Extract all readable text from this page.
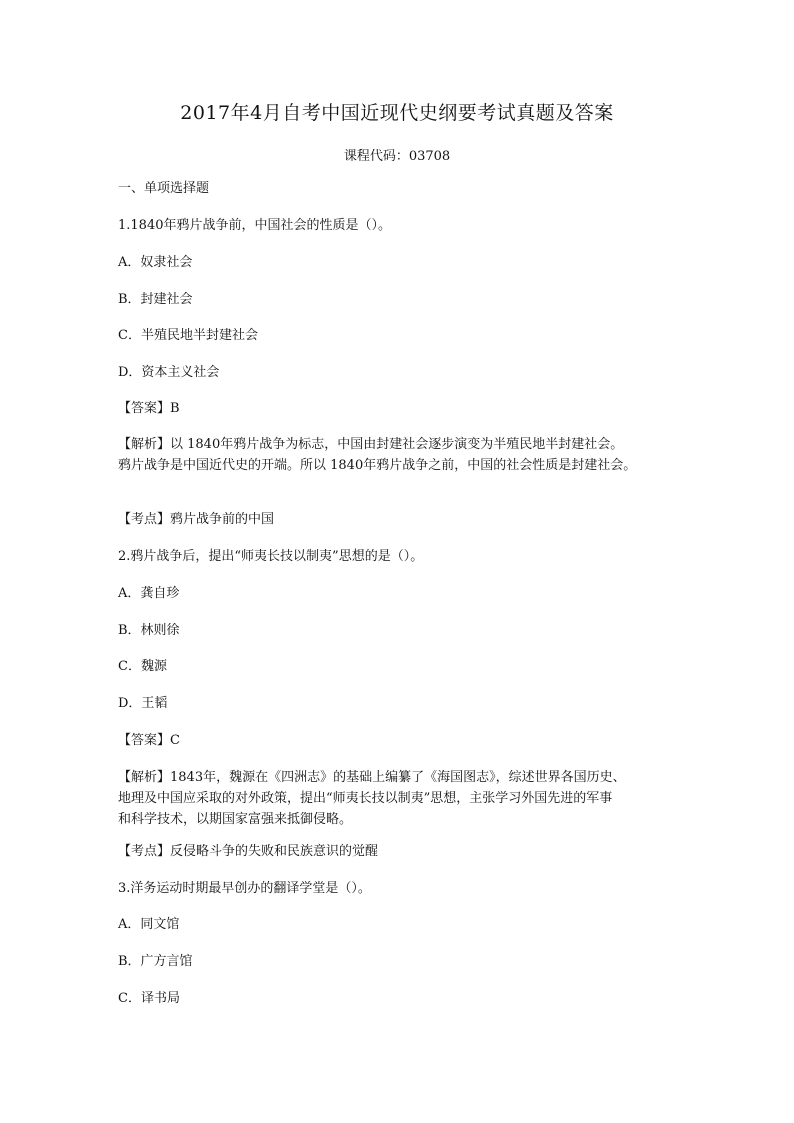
2017年4月自考中国近现代史纲要考试真题及答案
课程代码：03708
一、单项选择题
1.1840年鸦片战争前，中国社会的性质是（）。
A．奴隶社会
B．封建社会
C．半殖民地半封建社会
D．资本主义社会
【答案】B
【解析】以 1840年鸦片战争为标志，中国由封建社会逐步演变为半殖民地半封建社会。
鸦片战争是中国近代史的开端。所以 1840年鸦片战争之前，中国的社会性质是封建社会。
【考点】鸦片战争前的中国
2.鸦片战争后，提出“师夷长技以制夷”思想的是（）。
A．龚自珍
B．林则徐
C．魏源
D．王韬
【答案】C
【解析】1843年，魏源在《四洲志》的基础上编纂了《海国图志》，综述世界各国历史、
地理及中国应采取的对外政策，提出“师夷长技以制夷”思想，主张学习外国先进的军事
和科学技术，以期国家富强来抵御侵略。
【考点】反侵略斗争的失败和民族意识的觉醒
3.洋务运动时期最早创办的翻译学堂是（）。
A．同文馆
B．广方言馆
C．译书局
